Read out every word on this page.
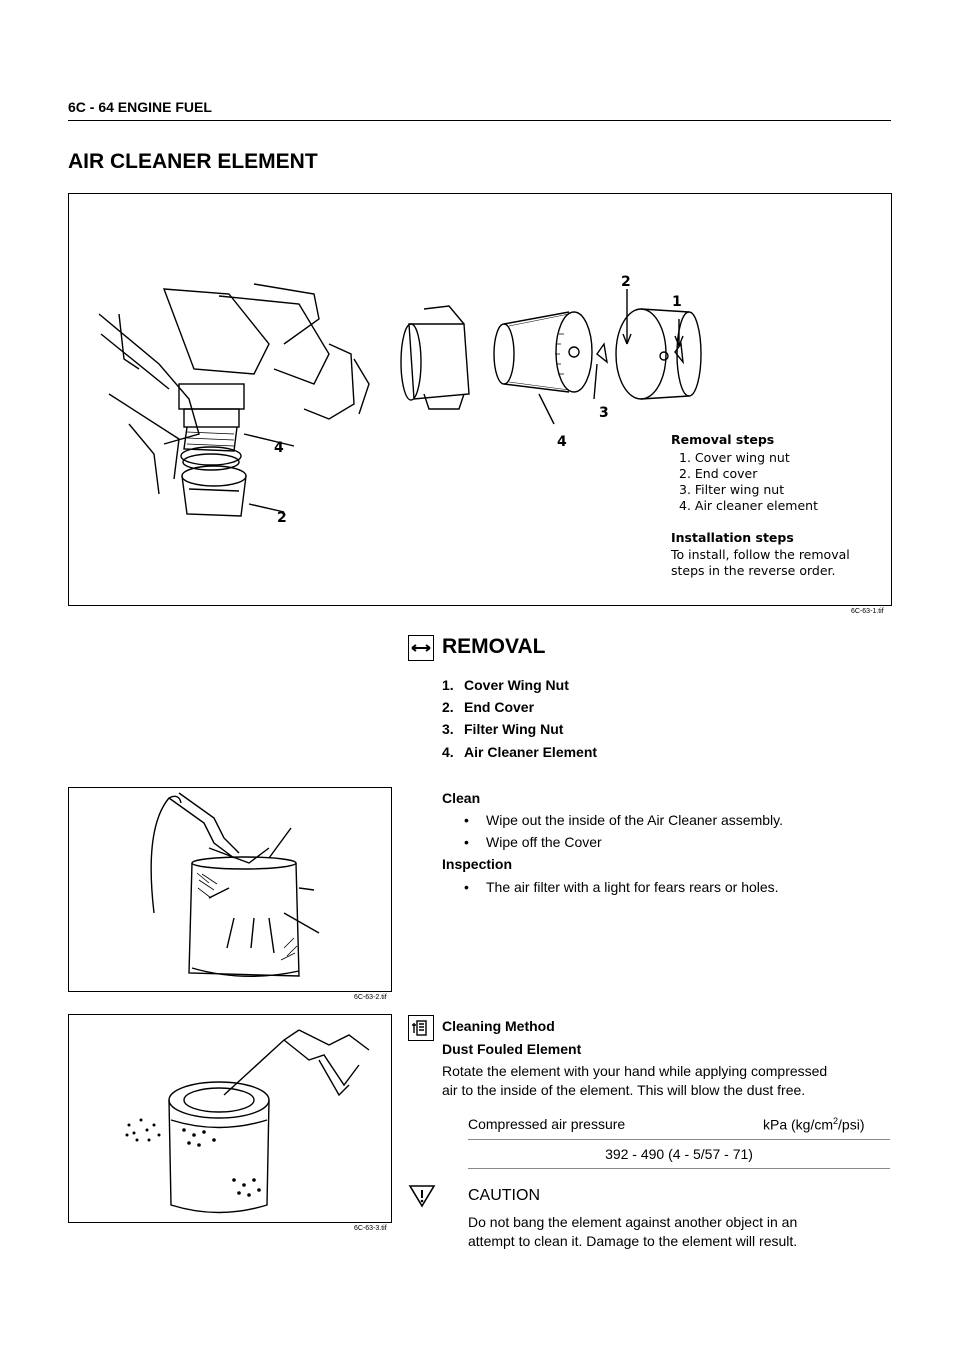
6C - 64 ENGINE FUEL
AIR CLEANER ELEMENT
2
1
3
4
4
2
Removal steps
1. Cover wing nut
2. End cover
3. Filter wing nut
4. Air cleaner element
Installation steps
To install, follow the removal
steps in the reverse order.
6C-63-1.tif
REMOVAL
1. Cover Wing Nut
2. End Cover
3. Filter Wing Nut
4. Air Cleaner Element
6C-63-2.tif
Clean
• Wipe out the inside of the Air Cleaner assembly.
• Wipe off the Cover
Inspection
• The air filter with a light for fears rears or holes.
6C-63-3.tif
Cleaning Method
Dust Fouled Element
Rotate the element with your hand while applying compressed
air to the inside of the element. This will blow the dust free.
Compressed air pressure	kPa $(kg/cm^2/psi)$
392 - 490 (4 - 5/57 - 71)
CAUTION
Do not bang the element against another object in an
attempt to clean it. Damage to the element will result.
